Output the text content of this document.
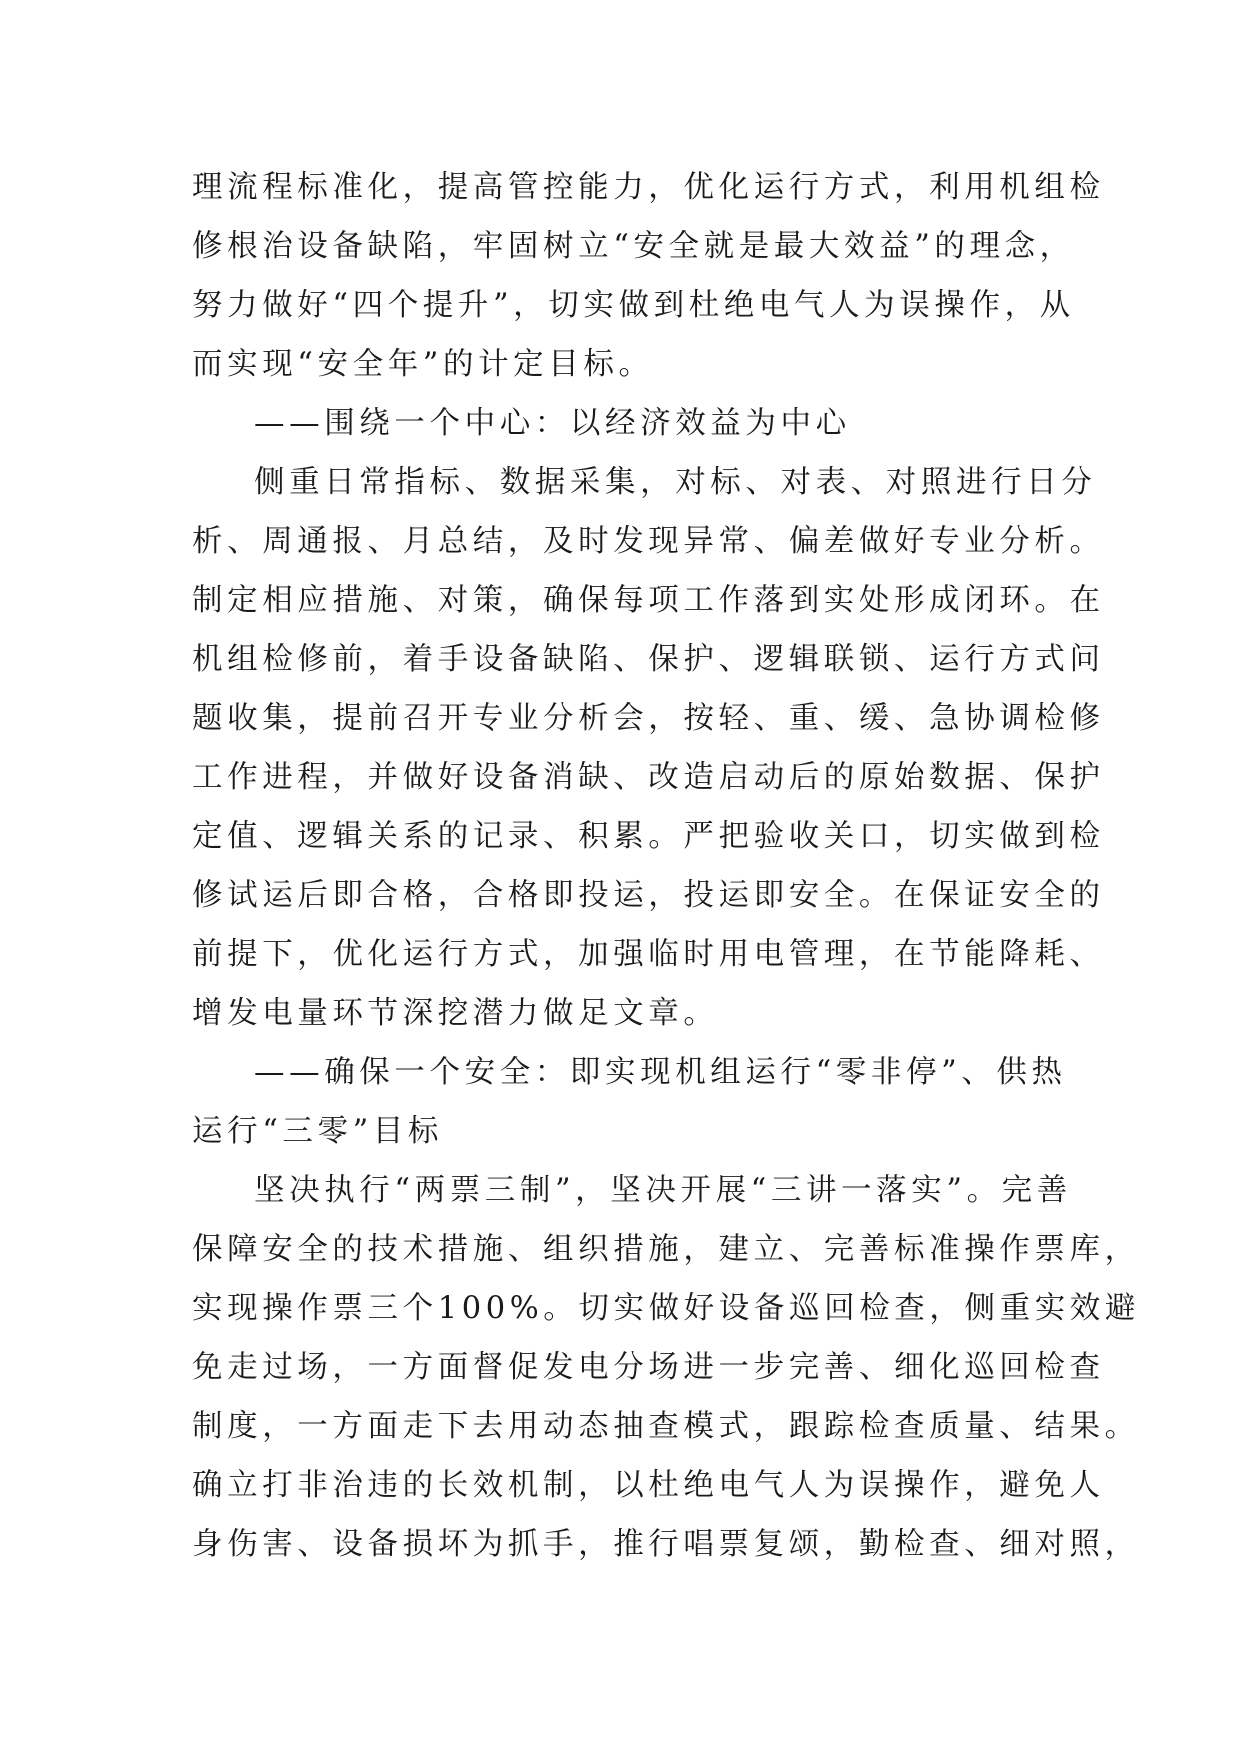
理流程标准化，提高管控能力，优化运行方式，利用机组检
修根治设备缺陷，牢固树立“安全就是最大效益”的理念，
努力做好“四个提升”，切实做到杜绝电气人为误操作，从
而实现“安全年”的计定目标。
——围绕一个中心：以经济效益为中心
侧重日常指标、数据采集，对标、对表、对照进行日分
析、周通报、月总结，及时发现异常、偏差做好专业分析。
制定相应措施、对策，确保每项工作落到实处形成闭环。在
机组检修前，着手设备缺陷、保护、逻辑联锁、运行方式问
题收集，提前召开专业分析会，按轻、重、缓、急协调检修
工作进程，并做好设备消缺、改造启动后的原始数据、保护
定值、逻辑关系的记录、积累。严把验收关口，切实做到检
修试运后即合格，合格即投运，投运即安全。在保证安全的
前提下，优化运行方式，加强临时用电管理，在节能降耗、
增发电量环节深挖潜力做足文章。
——确保一个安全：即实现机组运行“零非停”、供热
运行“三零”目标
坚决执行“两票三制”，坚决开展“三讲一落实”。完善
保障安全的技术措施、组织措施，建立、完善标准操作票库，
实现操作票三个100%。切实做好设备巡回检查，侧重实效避
免走过场，一方面督促发电分场进一步完善、细化巡回检查
制度，一方面走下去用动态抽查模式，跟踪检查质量、结果。
确立打非治违的长效机制，以杜绝电气人为误操作，避免人
身伤害、设备损坏为抓手，推行唱票复颂，勤检查、细对照，
